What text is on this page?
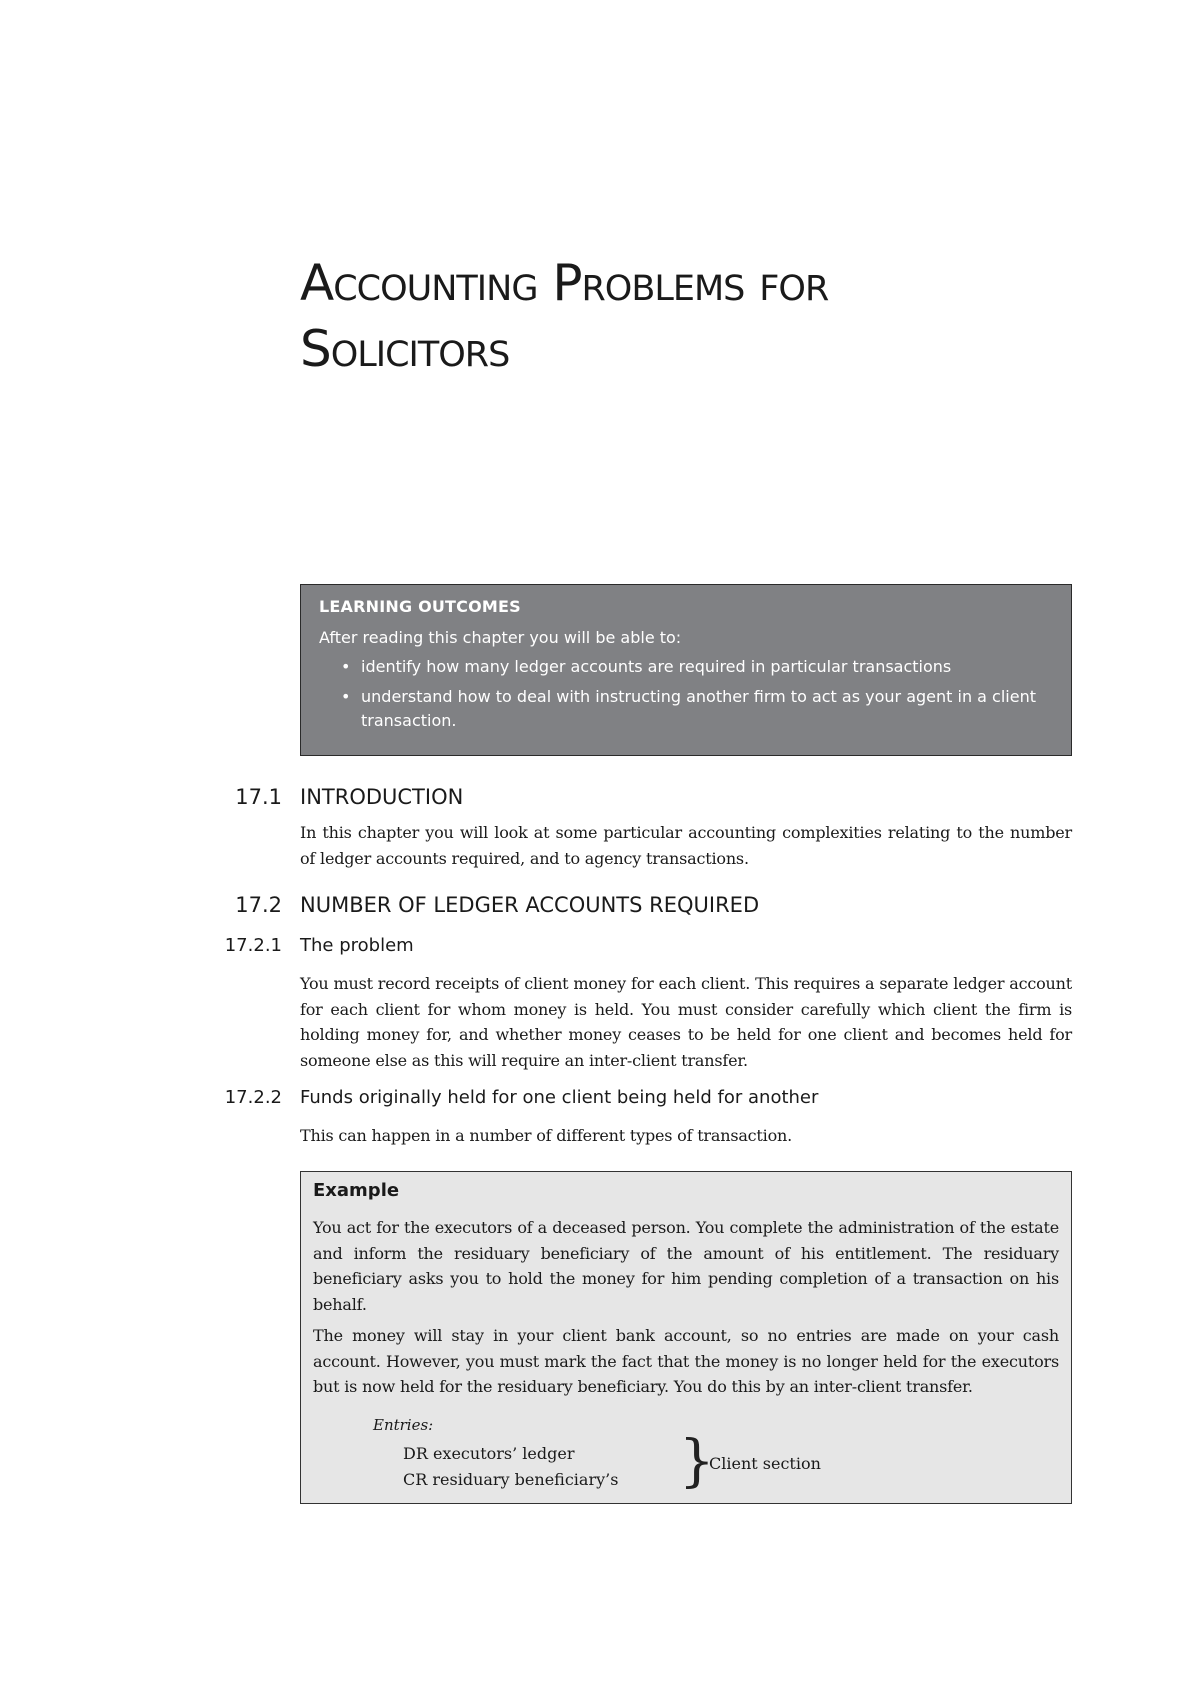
Accounting Problems for
Solicitors

LEARNING OUTCOMES

After reading this chapter you will be able to:

• identify how many ledger accounts are required in particular transactions
• understand how to deal with instructing another firm to act as your agent in a client transaction.
17.1 INTRODUCTION

In this chapter you will look at some particular accounting complexities relating to the number of ledger accounts required, and to agency transactions.

17.2 NUMBER OF LEDGER ACCOUNTS REQUIRED
17.2.1 The problem

You must record receipts of client money for each client. This requires a separate ledger account for each client for whom money is held. You must consider carefully which client the firm is holding money for, and whether money ceases to be held for one client and becomes held for someone else as this will require an inter-client transfer.

17.2.2 Funds originally held for one client being held for another

This can happen in a number of different types of transaction.

Example

You act for the executors of a deceased person. You complete the administration of the estate and inform the residuary beneficiary of the amount of his entitlement. The residuary beneficiary asks you to hold the money for him pending completion of a transaction on his behalf.

The money will stay in your client bank account, so no entries are made on your cash account. However, you must mark the fact that the money is no longer held for the executors but is now held for the residuary beneficiary. You do this by an inter-client transfer.

Entries:
DR executors’ ledger
CR residuary beneficiary’s }
Client section
